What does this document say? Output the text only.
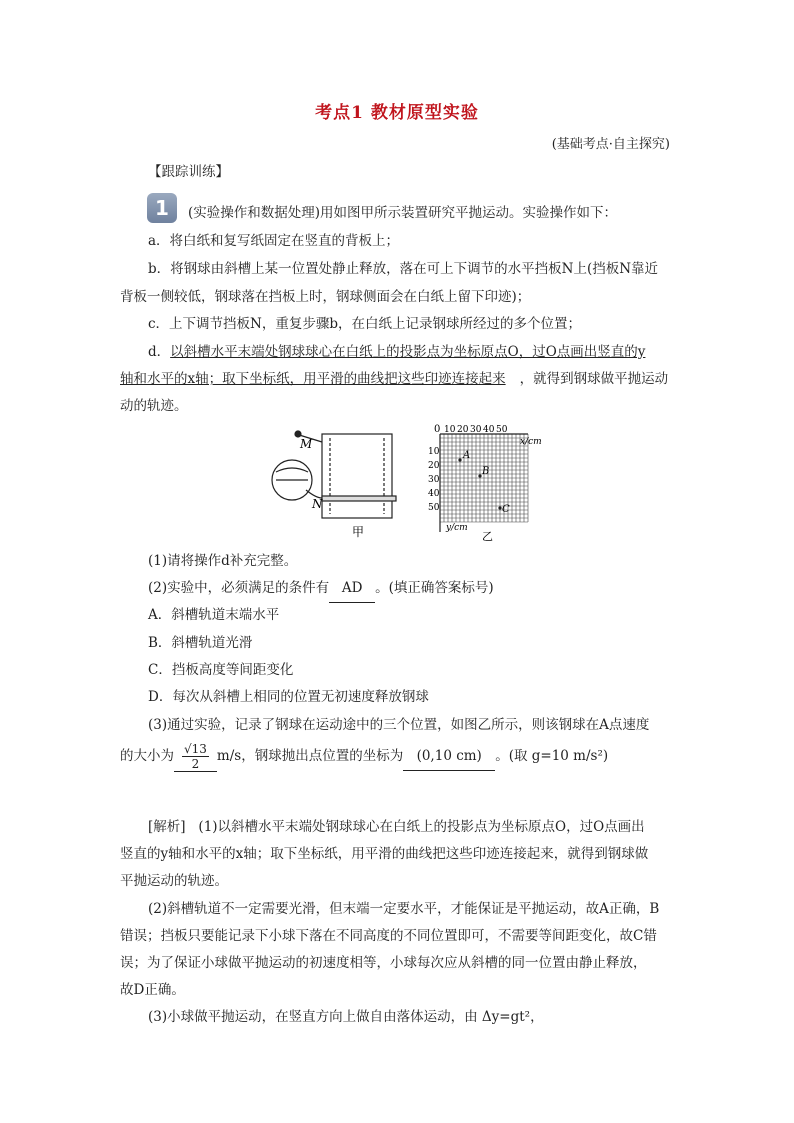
考点1 教材原型实验
(基础考点·自主探究)
【跟踪训练】
1	(实验操作和数据处理)用如图甲所示装置研究平抛运动。实验操作如下：
a．将白纸和复写纸固定在竖直的背板上；
b．将钢球由斜槽上某一位置处静止释放，落在可上下调节的水平挡板N上(挡板N靠近
背板一侧较低，钢球落在挡板上时，钢球侧面会在白纸上留下印迹)；
c．上下调节挡板N，重复步骤b，在白纸上记录钢球所经过的多个位置；
d．以斜槽水平末端处钢球球心在白纸上的投影点为坐标原点O，过O点画出竖直的y
轴和水平的x轴；取下坐标纸，用平滑的曲线把这些印迹连接起来 ，就得到钢球做平抛运动
动的轨迹。
M
N
甲
0 10 20 30 40 50
10
20
30
40
50
x/cm
y/cm
A
B
C
乙
(1)请将操作d补充完整。
(2)实验中，必须满足的条件有 AD 。(填正确答案标号)
A．斜槽轨道末端水平
B．斜槽轨道光滑
C．挡板高度等间距变化
D．每次从斜槽上相同的位置无初速度释放钢球
(3)通过实验，记录了钢球在运动途中的三个位置，如图乙所示，则该钢球在A点速度
的大小为 $\frac{√13}{2} m/s$，钢球抛出点位置的坐标为 (0,10 cm) 。(取 g=10 m/s²)
[解析] (1)以斜槽水平末端处钢球球心在白纸上的投影点为坐标原点O，过O点画出
竖直的y轴和水平的x轴；取下坐标纸，用平滑的曲线把这些印迹连接起来，就得到钢球做
平抛运动的轨迹。
(2)斜槽轨道不一定需要光滑，但末端一定要水平，才能保证是平抛运动，故A正确，B
错误；挡板只要能记录下小球下落在不同高度的不同位置即可，不需要等间距变化，故C错
误；为了保证小球做平抛运动的初速度相等，小球每次应从斜槽的同一位置由静止释放，
故D正确。
(3)小球做平抛运动，在竖直方向上做自由落体运动，由 Δy=gt²，
